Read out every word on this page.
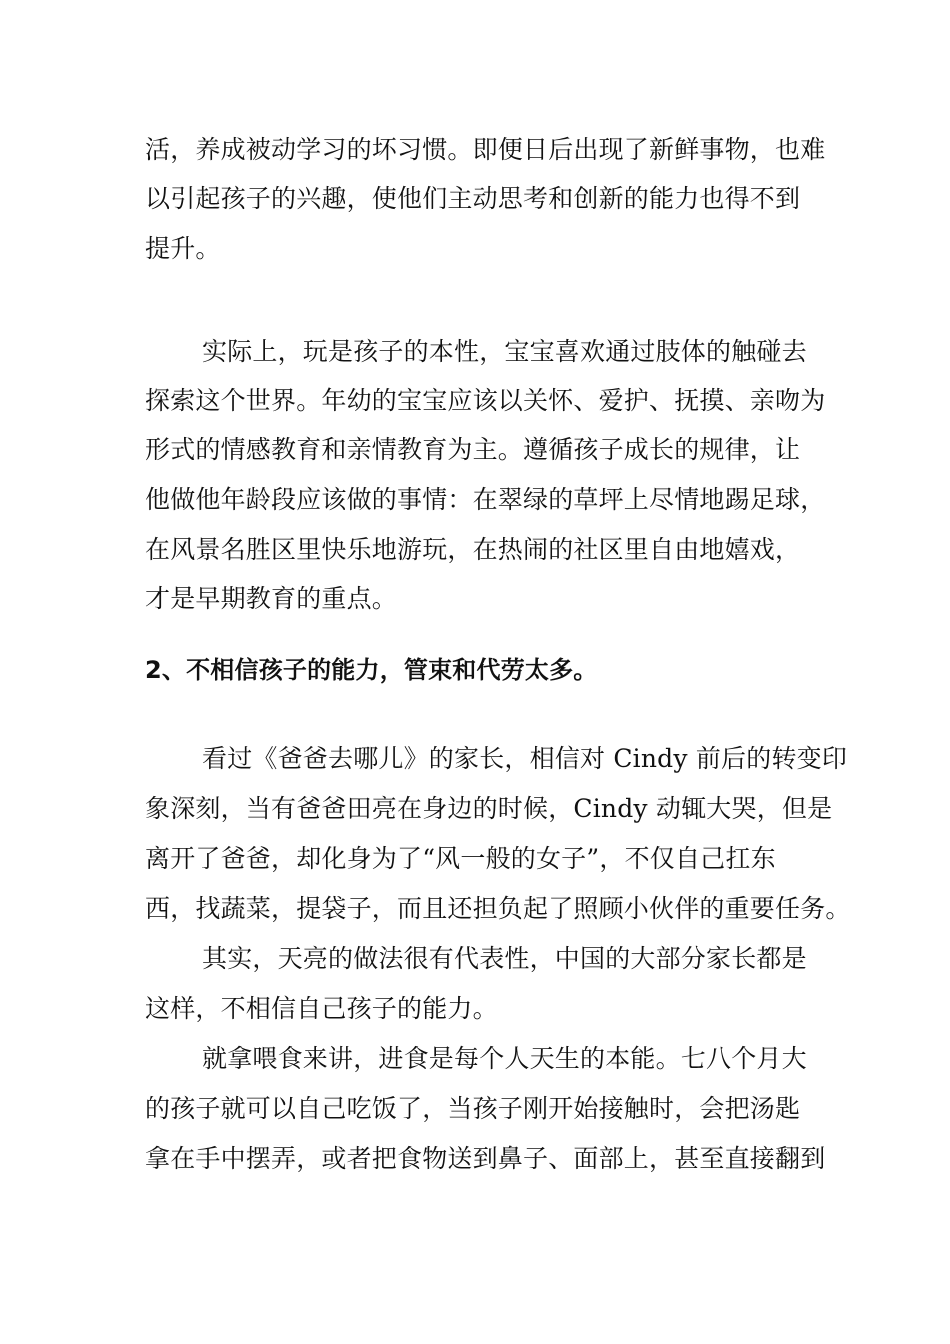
活，养成被动学习的坏习惯。即便日后出现了新鲜事物，也难
以引起孩子的兴趣，使他们主动思考和创新的能力也得不到
提升。
实际上，玩是孩子的本性，宝宝喜欢通过肢体的触碰去
探索这个世界。年幼的宝宝应该以关怀、爱护、抚摸、亲吻为
形式的情感教育和亲情教育为主。遵循孩子成长的规律，让
他做他年龄段应该做的事情：在翠绿的草坪上尽情地踢足球，
在风景名胜区里快乐地游玩，在热闹的社区里自由地嬉戏，
才是早期教育的重点。
2、不相信孩子的能力，管束和代劳太多。
看过《爸爸去哪儿》的家长，相信对 Cindy 前后的转变印
象深刻，当有爸爸田亮在身边的时候，Cindy 动辄大哭，但是
离开了爸爸，却化身为了“风一般的女子”，不仅自己扛东
西，找蔬菜，提袋子，而且还担负起了照顾小伙伴的重要任务。
其实，天亮的做法很有代表性，中国的大部分家长都是
这样，不相信自己孩子的能力。
就拿喂食来讲，进食是每个人天生的本能。七八个月大
的孩子就可以自己吃饭了，当孩子刚开始接触时，会把汤匙
拿在手中摆弄，或者把食物送到鼻子、面部上，甚至直接翻到
